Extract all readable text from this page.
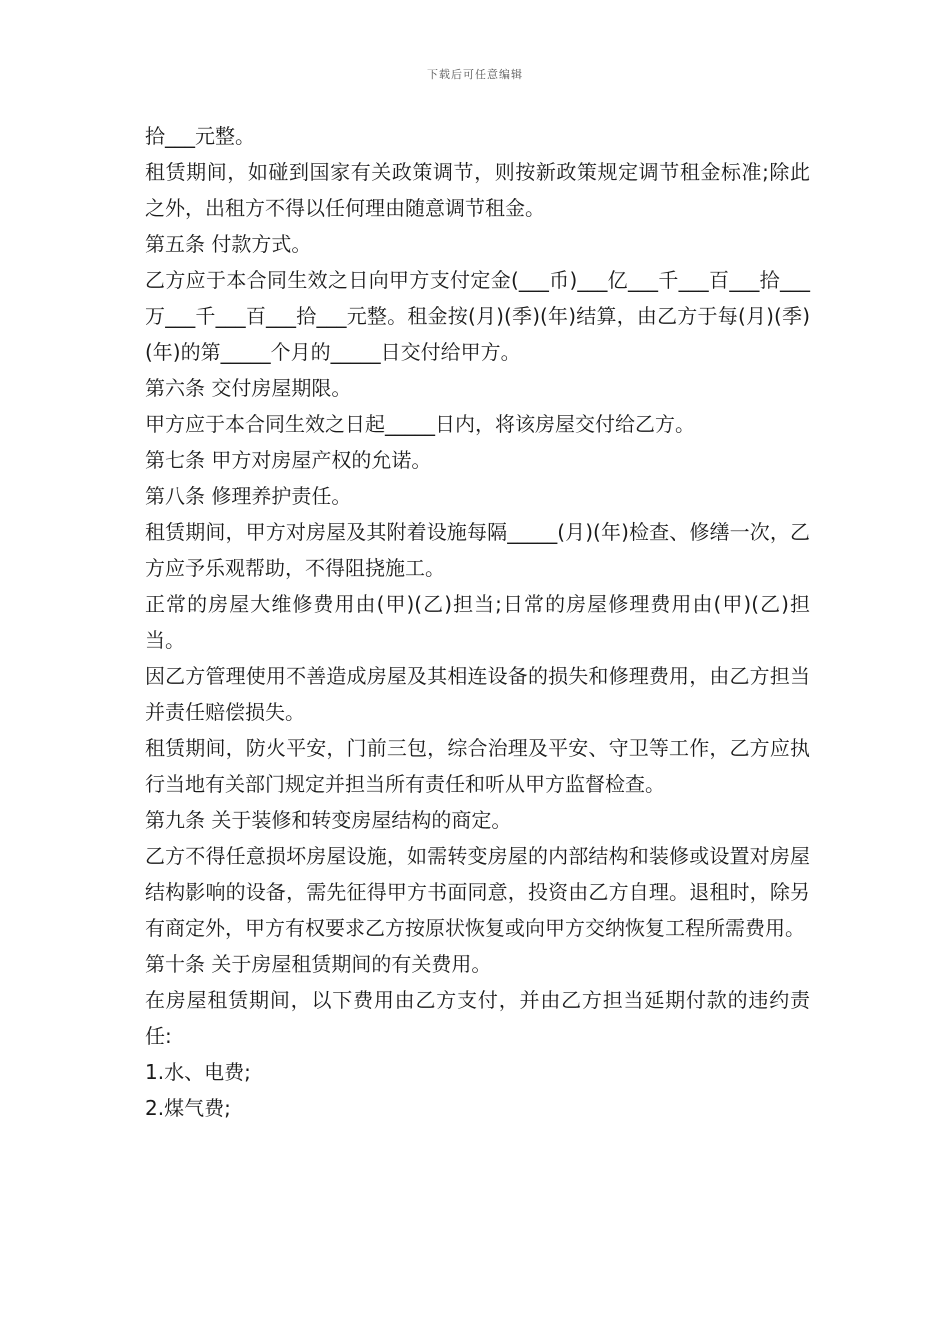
下载后可任意编辑

拾___元整。

租赁期间，如碰到国家有关政策调节，则按新政策规定调节租金标准;除此之外，出租方不得以任何理由随意调节租金。

第五条 付款方式。

乙方应于本合同生效之日向甲方支付定金(___币)___亿___千___百___拾___万___千___百___拾___元整。租金按(月)(季)(年)结算，由乙方于每(月)(季)(年)的第_____个月的_____日交付给甲方。

第六条 交付房屋期限。

甲方应于本合同生效之日起_____日内，将该房屋交付给乙方。

第七条 甲方对房屋产权的允诺。

第八条 修理养护责任。

租赁期间，甲方对房屋及其附着设施每隔_____(月)(年)检查、修缮一次，乙方应予乐观帮助，不得阻挠施工。

正常的房屋大维修费用由(甲)(乙)担当;日常的房屋修理费用由(甲)(乙)担当。

因乙方管理使用不善造成房屋及其相连设备的损失和修理费用，由乙方担当并责任赔偿损失。

租赁期间，防火平安，门前三包，综合治理及平安、守卫等工作，乙方应执行当地有关部门规定并担当所有责任和听从甲方监督检查。

第九条 关于装修和转变房屋结构的商定。

乙方不得任意损坏房屋设施，如需转变房屋的内部结构和装修或设置对房屋结构影响的设备，需先征得甲方书面同意，投资由乙方自理。退租时，除另有商定外，甲方有权要求乙方按原状恢复或向甲方交纳恢复工程所需费用。

第十条 关于房屋租赁期间的有关费用。

在房屋租赁期间，以下费用由乙方支付，并由乙方担当延期付款的违约责任:

1.水、电费;

2.煤气费;
